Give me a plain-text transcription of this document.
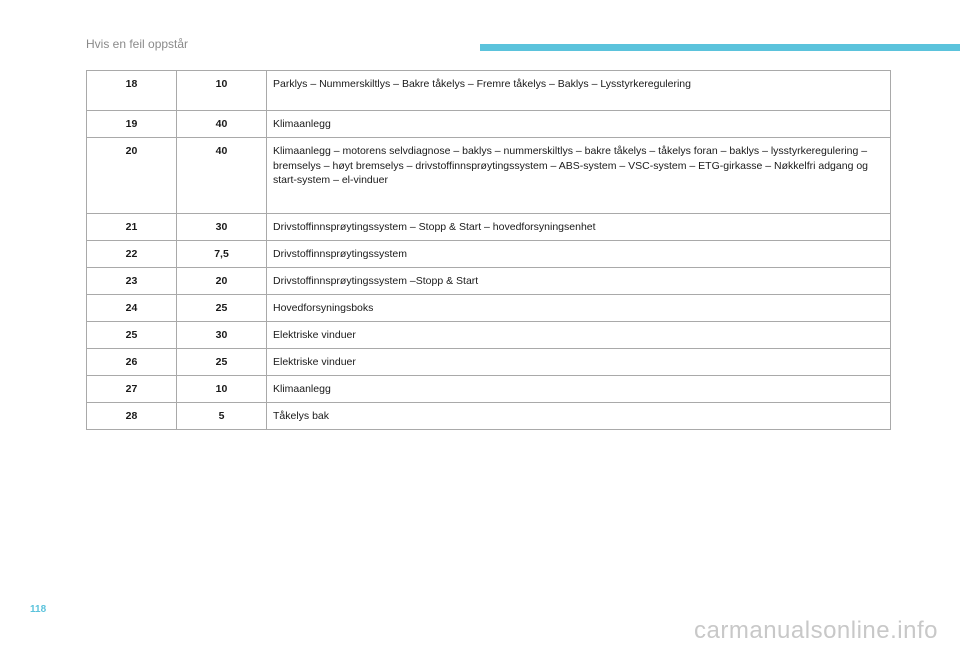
Hvis en feil oppstår
18	10	Parklys – Nummerskiltlys – Bakre tåkelys – Fremre tåkelys – Baklys – Lysstyrkeregulering
19	40	Klimaanlegg
20	40	Klimaanlegg – motorens selvdiagnose – baklys – nummerskiltlys – bakre tåkelys – tåkelys foran – baklys – lysstyrkeregulering – bremselys – høyt bremselys – drivstoffinnsprøytingssystem – ABS-system – VSC-system – ETG-girkasse – Nøkkelfri adgang og start-system – el-vinduer
21	30	Drivstoffinnsprøytingssystem – Stopp & Start – hovedforsyningsenhet
22	7,5	Drivstoffinnsprøytingssystem
23	20	Drivstoffinnsprøytingssystem –Stopp & Start
24	25	Hovedforsyningsboks
25	30	Elektriske vinduer
26	25	Elektriske vinduer
27	10	Klimaanlegg
28	5	Tåkelys bak
118
carmanualsonline.info
